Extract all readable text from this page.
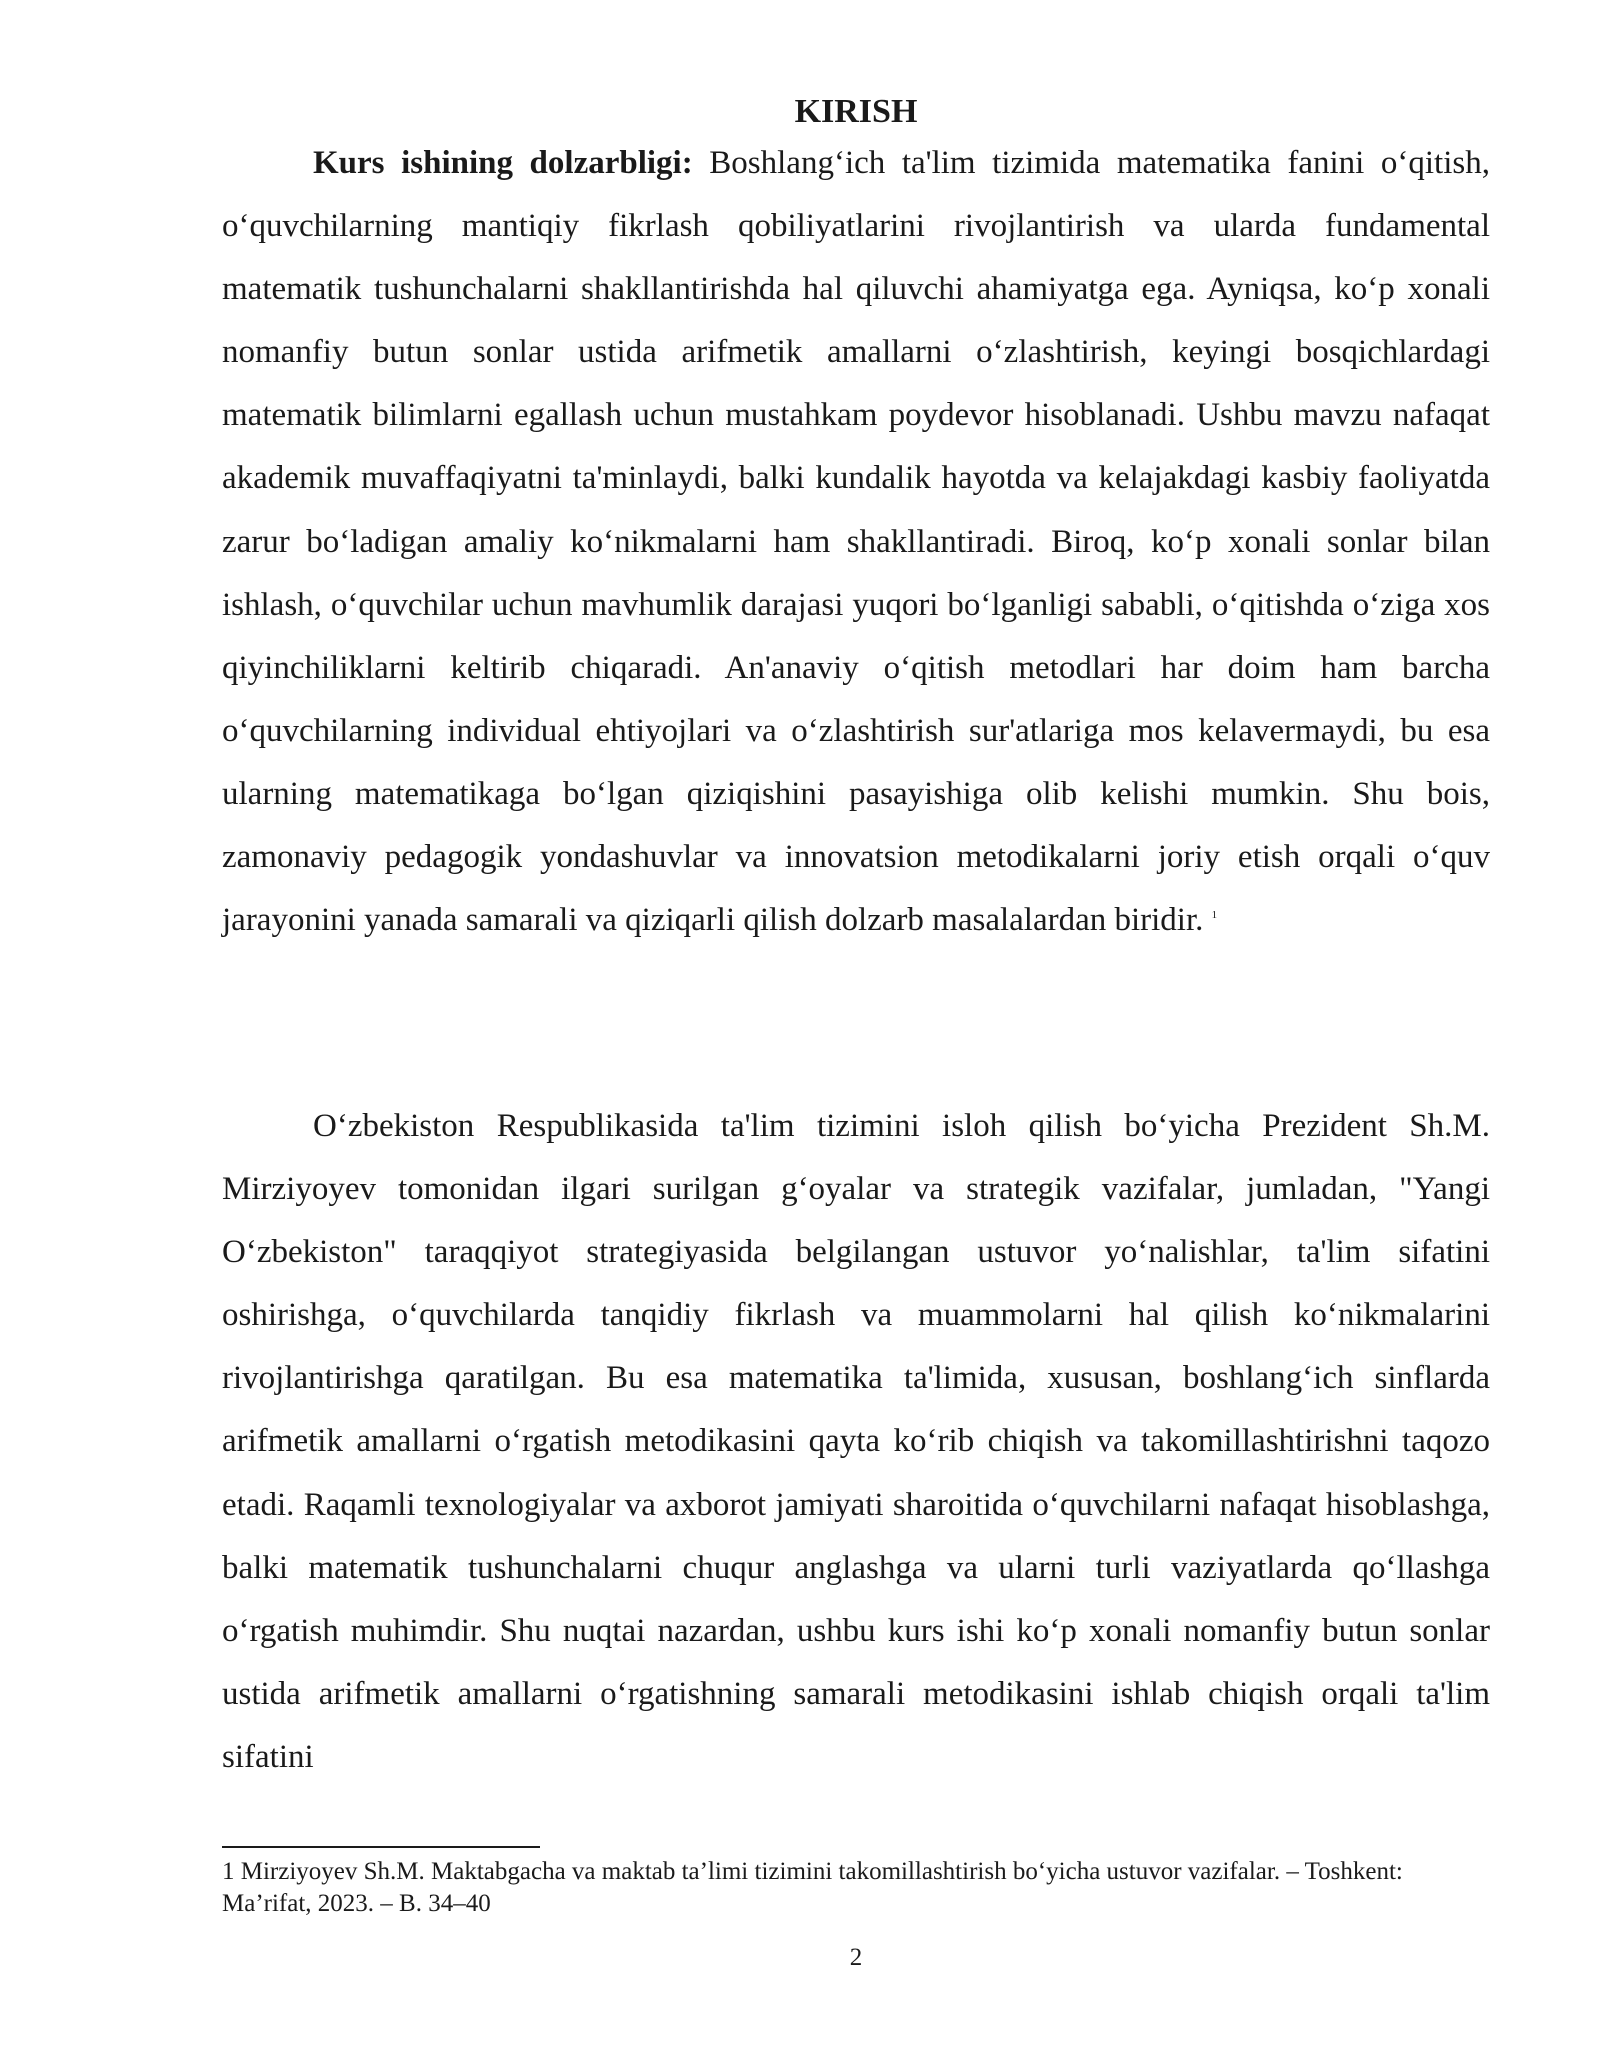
KIRISH

Kurs ishining dolzarbligi: Boshlang‘ich ta'lim tizimida matematika fanini o‘qitish, o‘quvchilarning mantiqiy fikrlash qobiliyatlarini rivojlantirish va ularda fundamental matematik tushunchalarni shakllantirishda hal qiluvchi ahamiyatga ega. Ayniqsa, ko‘p xonali nomanfiy butun sonlar ustida arifmetik amallarni o‘zlashtirish, keyingi bosqichlardagi matematik bilimlarni egallash uchun mustahkam poydevor hisoblanadi. Ushbu mavzu nafaqat akademik muvaffaqiyatni ta'minlaydi, balki kundalik hayotda va kelajakdagi kasbiy faoliyatda zarur bo‘ladigan amaliy ko‘nikmalarni ham shakllantiradi. Biroq, ko‘p xonali sonlar bilan ishlash, o‘quvchilar uchun mavhumlik darajasi yuqori bo‘lganligi sababli, o‘qitishda o‘ziga xos qiyinchiliklarni keltirib chiqaradi. An'anaviy o‘qitish metodlari har doim ham barcha o‘quvchilarning individual ehtiyojlari va o‘zlashtirish sur'atlariga mos kelavermaydi, bu esa ularning matematikaga bo‘lgan qiziqishini pasayishiga olib kelishi mumkin. Shu bois, zamonaviy pedagogik yondashuvlar va innovatsion metodikalarni joriy etish orqali o‘quv jarayonini yanada samarali va qiziqarli qilish dolzarb masalalardan biridir. $^1$

O‘zbekiston Respublikasida ta'lim tizimini isloh qilish bo‘yicha Prezident Sh.M. Mirziyoyev tomonidan ilgari surilgan g‘oyalar va strategik vazifalar, jumladan, "Yangi O‘zbekiston" taraqqiyot strategiyasida belgilangan ustuvor yo‘nalishlar, ta'lim sifatini oshirishga, o‘quvchilarda tanqidiy fikrlash va muammolarni hal qilish ko‘nikmalarini rivojlantirishga qaratilgan. Bu esa matematika ta'limida, xususan, boshlang‘ich sinflarda arifmetik amallarni o‘rgatish metodikasini qayta ko‘rib chiqish va takomillashtirishni taqozo etadi. Raqamli texnologiyalar va axborot jamiyati sharoitida o‘quvchilarni nafaqat hisoblashga, balki matematik tushunchalarni chuqur anglashga va ularni turli vaziyatlarda qo‘llashga o‘rgatish muhimdir. Shu nuqtai nazardan, ushbu kurs ishi ko‘p xonali nomanfiy butun sonlar ustida arifmetik amallarni o‘rgatishning samarali metodikasini ishlab chiqish orqali ta'lim sifatini

1 Mirziyoyev Sh.M. Maktabgacha va maktab ta’limi tizimini takomillashtirish bo‘yicha ustuvor vazifalar. – Toshkent: Ma’rifat, 2023. – B. 34–40

2
